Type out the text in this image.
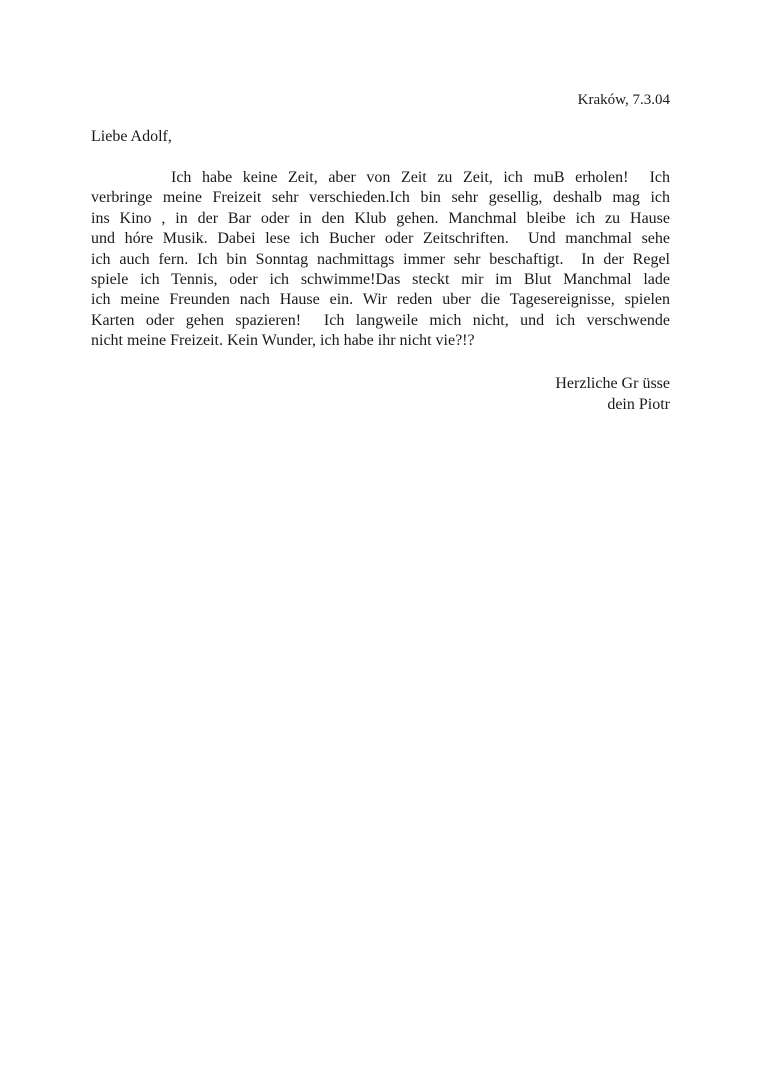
Kraków, 7.3.04
Liebe Adolf,
Ich habe keine Zeit, aber von Zeit zu Zeit, ich muB erholen!  Ich
verbringe meine Freizeit sehr verschieden.Ich bin sehr gesellig, deshalb mag ich
ins Kino , in der Bar oder in den Klub gehen. Manchmal bleibe ich zu Hause
und hóre Musik. Dabei lese ich Bucher oder Zeitschriften.  Und manchmal sehe
ich auch fern. Ich bin Sonntag nachmittags immer sehr beschaftigt.  In der Regel
spiele ich Tennis, oder ich schwimme!Das steckt mir im Blut Manchmal lade
ich meine Freunden nach Hause ein. Wir reden uber die Tagesereignisse, spielen
Karten oder gehen spazieren!  Ich langweile mich nicht, und ich verschwende
nicht meine Freizeit. Kein Wunder, ich habe ihr nicht vie?!?
Herzliche Gr üsse
dein Piotr
